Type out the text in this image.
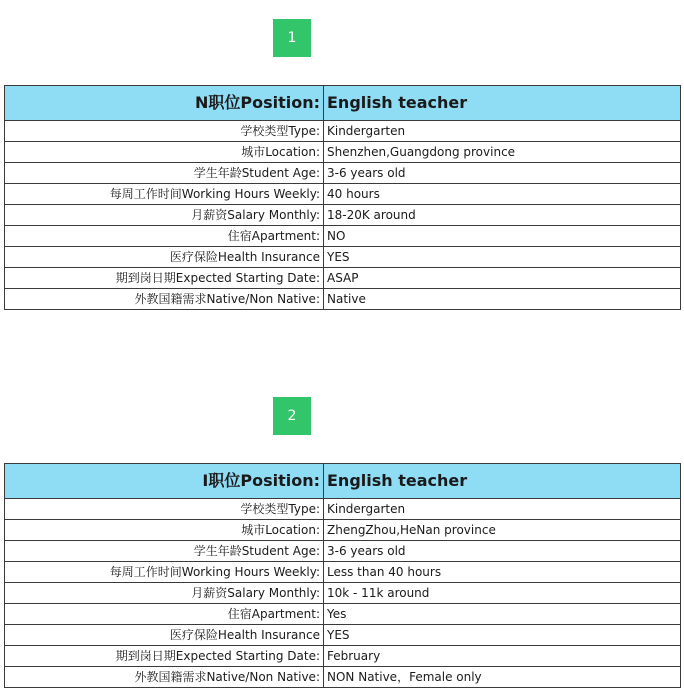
1
N职位Position:	English teacher
学校类型Type:	Kindergarten
城市Location:	Shenzhen,Guangdong province
学生年龄Student Age:	3-6 years old
每周工作时间Working Hours Weekly:	40 hours
月薪资Salary Monthly:	18-20K around
住宿Apartment:	NO
医疗保险Health Insurance	YES
期到岗日期Expected Starting Date:	ASAP
外教国籍需求Native/Non Native:	Native
2
I职位Position:	English teacher
学校类型Type:	Kindergarten
城市Location:	ZhengZhou,HeNan province
学生年龄Student Age:	3-6 years old
每周工作时间Working Hours Weekly:	Less than 40 hours
月薪资Salary Monthly:	10k - 11k around
住宿Apartment:	Yes
医疗保险Health Insurance	YES
期到岗日期Expected Starting Date:	February
外教国籍需求Native/Non Native:	NON Native，Female only
